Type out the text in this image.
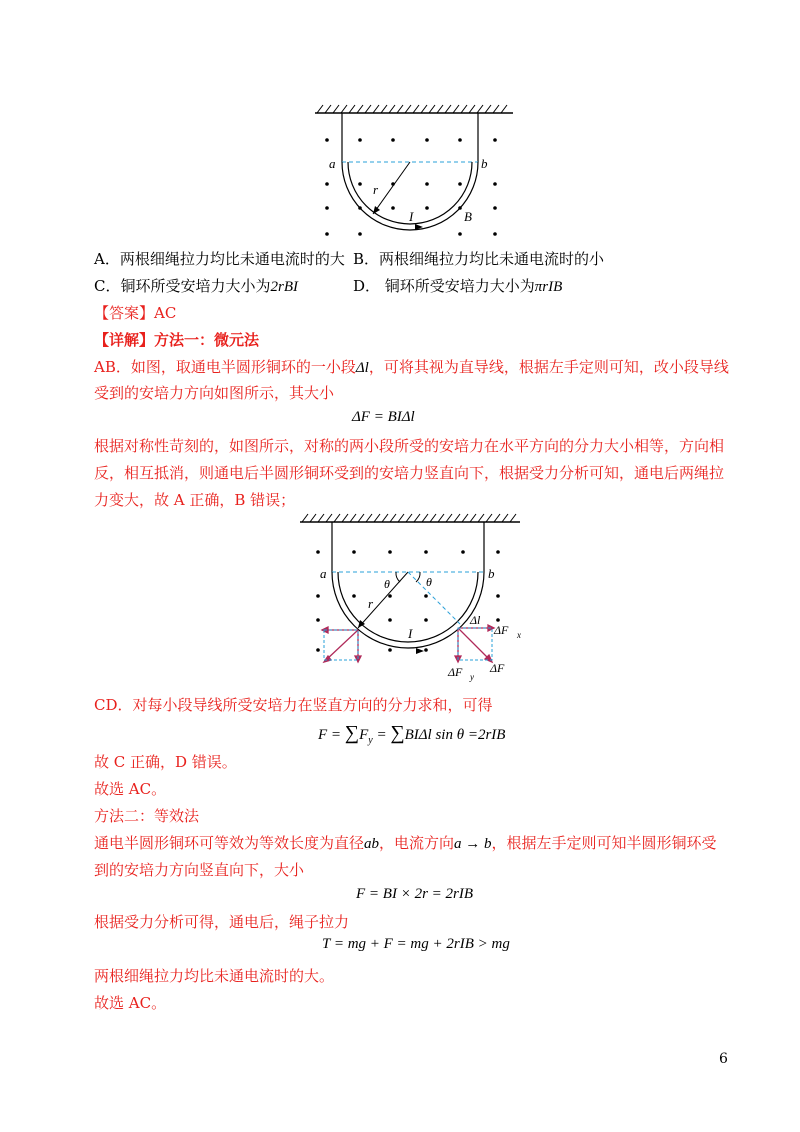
a	b
r
I	B
A．两根细绳拉力均比未通电流时的大 B．两根细绳拉力均比未通电流时的小
C．铜环所受安培力大小为2rBI	D． 铜环所受安培力大小为πrIB
【答案】AC
【详解】方法一：微元法
AB．如图，取通电半圆形铜环的一小段Δl，可将其视为直导线，根据左手定则可知，改小段导线
受到的安培力方向如图所示，其大小
ΔF = BIΔl
根据对称性苛刻的，如图所示，对称的两小段所受的安培力在水平方向的分力大小相等，方向相
反，相互抵消，则通电后半圆形铜环受到的安培力竖直向下，根据受力分析可知，通电后两绳拉
力变大，故 A 正确，B 错误；
a	b
r
I
θ	θ
Δl
ΔF x
ΔF y
ΔF
CD．对每小段导线所受安培力在竖直方向的分力求和，可得
$F = \sum F_y = \sum BI\Delta l$ sin θ =2rIB
故 C 正确，D 错误。
故选 AC。
方法二：等效法
通电半圆形铜环可等效为等效长度为直径ab，电流方向a → b，根据左手定则可知半圆形铜环受
到的安培力方向竖直向下，大小
F = BI × 2r = 2rIB
根据受力分析可得，通电后，绳子拉力
T = mg + F = mg + 2rIB > mg
两根细绳拉力均比未通电流时的大。
故选 AC。
6
